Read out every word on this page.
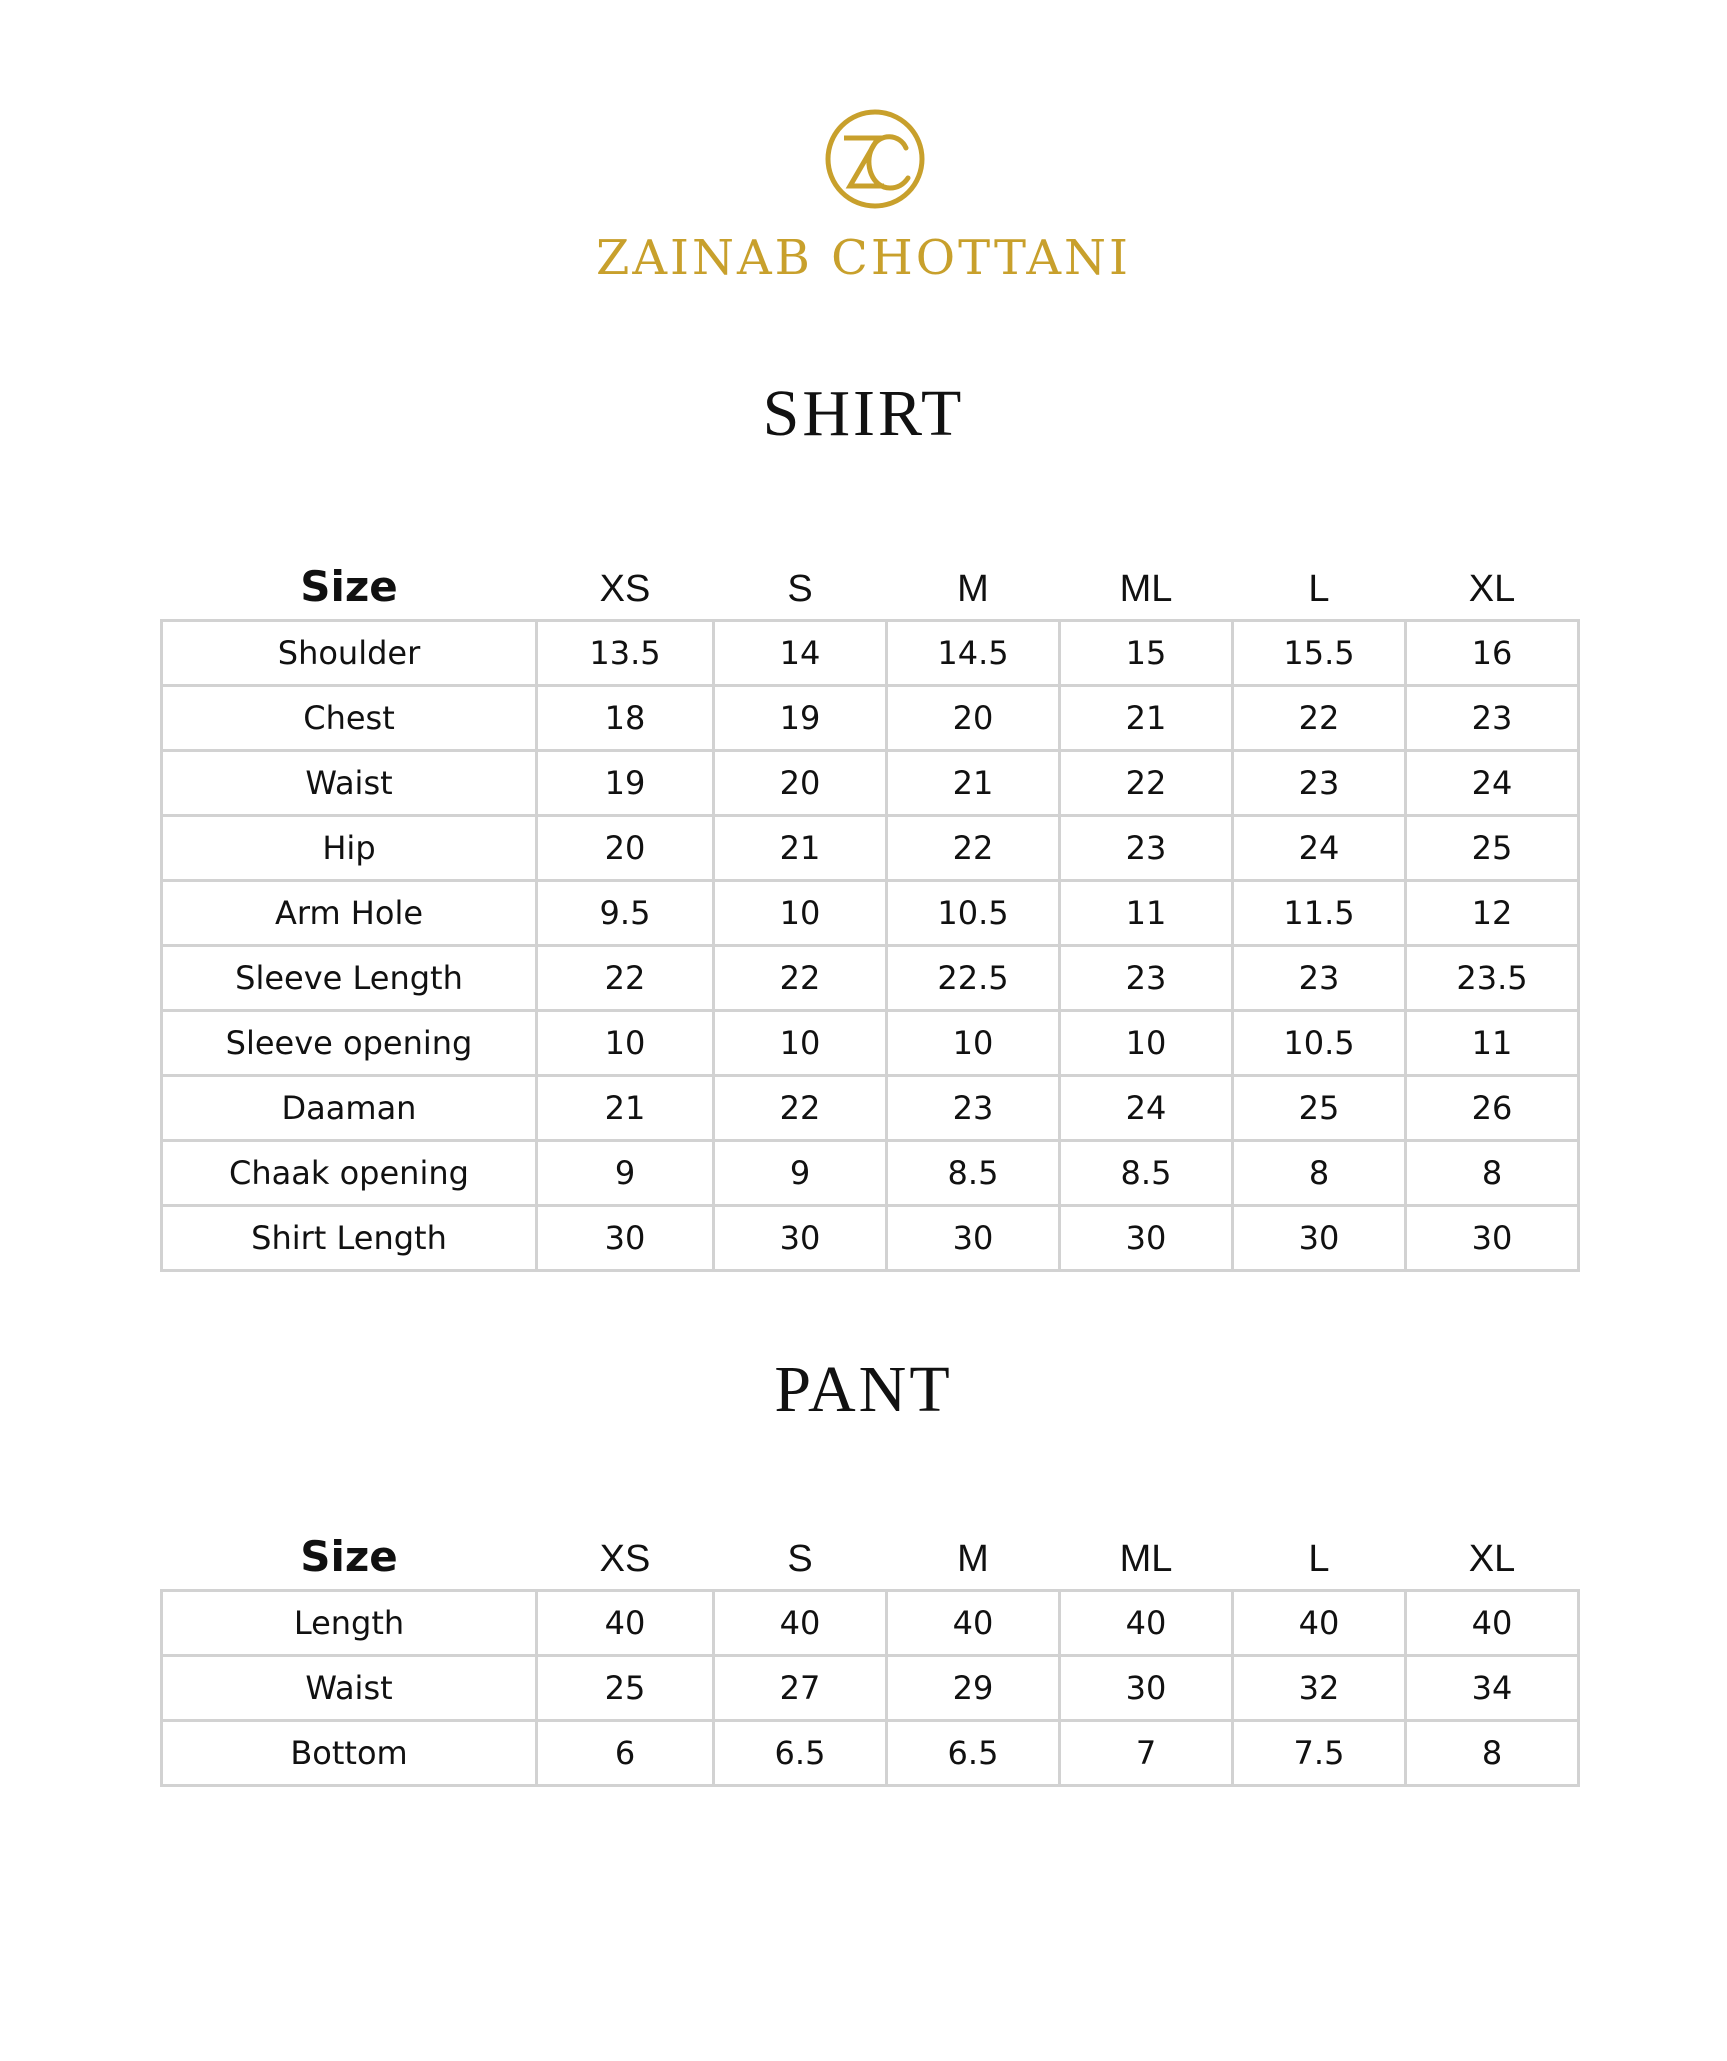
ZAINAB CHOTTANI
SHIRT
Size	XS	S	M	ML	L	XL
Shoulder	13.5	14	14.5	15	15.5	16
Chest	18	19	20	21	22	23
Waist	19	20	21	22	23	24
Hip	20	21	22	23	24	25
Arm Hole	9.5	10	10.5	11	11.5	12
Sleeve Length	22	22	22.5	23	23	23.5
Sleeve opening	10	10	10	10	10.5	11
Daaman	21	22	23	24	25	26
Chaak opening	9	9	8.5	8.5	8	8
Shirt Length	30	30	30	30	30	30
PANT
Size	XS	S	M	ML	L	XL
Length	40	40	40	40	40	40
Waist	25	27	29	30	32	34
Bottom	6	6.5	6.5	7	7.5	8
